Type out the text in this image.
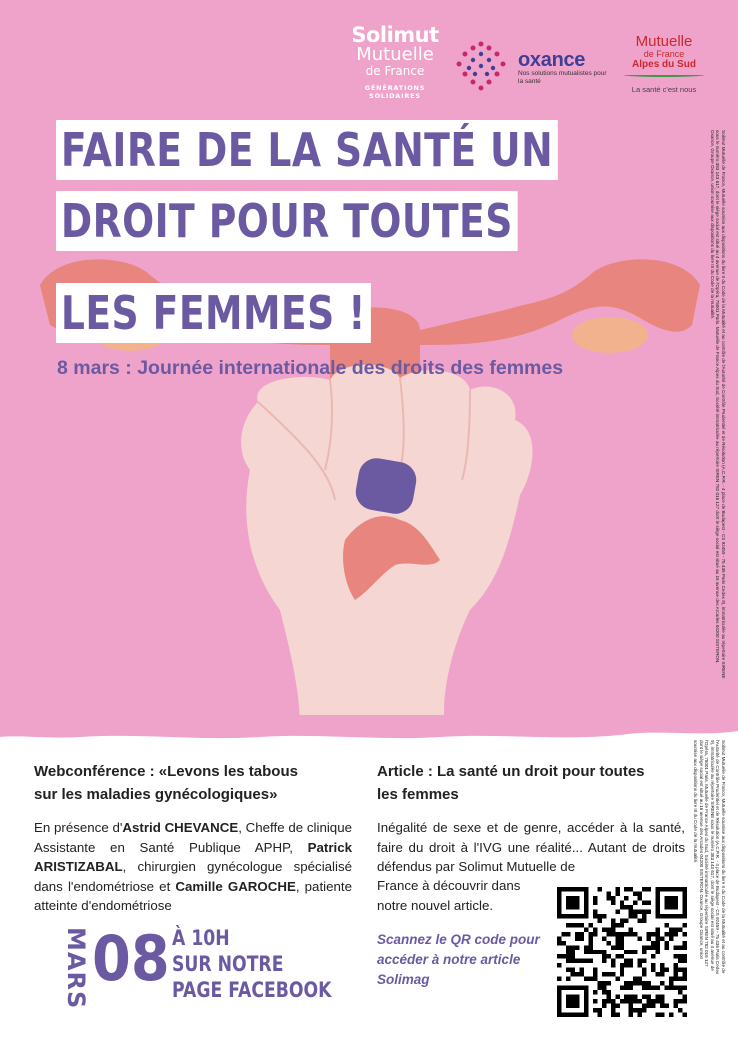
Solimut
Mutuelle
de France
GÉNÉRATIONS SOLIDAIRES
oxance
Nos solutions mutualistes pour la santé
Mutuelle
de France
Alpes du Sud
La santé c'est nous
FAIRE DE LA SANTÉ UN
DROIT POUR TOUTES
LES FEMMES !
8 mars : Journée internationale des droits des femmes	Solimut Mutuelle de France, Mutuelle soumise aux dispositions du livre II du Code de la Mutualité et au contrôle de l'Autorité de Contrôle Prudentiel et de Résolution (A.C.P.R. - 4 place de Budapest - CS 92459 - 75 436 Paris Cedex 9), immatriculée au répertoire SIRENE sous le numéro 383 143 617, dont le siège social est situé au 4 avenue de l'Opéra, 75001 Paris. Mutuelle de France Alpes du Sud, Société immatriculée au répertoire SIREN 782 016 127 dont le siège social est situé au 16 avenue des Arcades 04200 SISTERON. Oxance, Groupe Oxance, union soumise aux dispositions du livre III du Code de la mutualité.
Solimut Mutuelle de France, Mutuelle soumise aux dispositions du livre II du Code de la Mutualité et au contrôle de l'Autorité de Contrôle Prudentiel et de Résolution (A.C.P.R. - 4 place de Budapest - CS 92459 - 75 436 Paris Cedex 9), immatriculée au répertoire SIRENE sous le numéro 383 143 617, dont le siège social est situé au 4 avenue de l'Opéra, 75001 Paris. Mutuelle de France Alpes du Sud, Société immatriculée au répertoire SIREN 782 016 127 dont le siège social est situé au 16 avenue des Arcades 04200 SISTERON. Oxance, Groupe Oxance, union soumise aux dispositions du livre III du Code de la mutualité.
Webconférence : «Levons les tabous
sur les maladies gynécologiques»
En présence d'Astrid CHEVANCE, Cheffe de clinique Assistante en Santé Publique APHP, Patrick ARISTIZABAL, chirurgien gynécologue spécialisé dans l'endométriose et Camille GAROCHE, patiente atteinte d'endométriose
MARS 08 À 10H
SUR NOTRE
PAGE FACEBOOK
Article : La santé un droit pour toutes
les femmes
Inégalité de sexe et de genre, accéder à la santé, faire du droit à l'IVG une réalité... Autant de droits défendus par Solimut Mutuelle de
France à découvrir dans
notre nouvel article.
Scannez le QR code pour
accéder à notre article
Solimag
